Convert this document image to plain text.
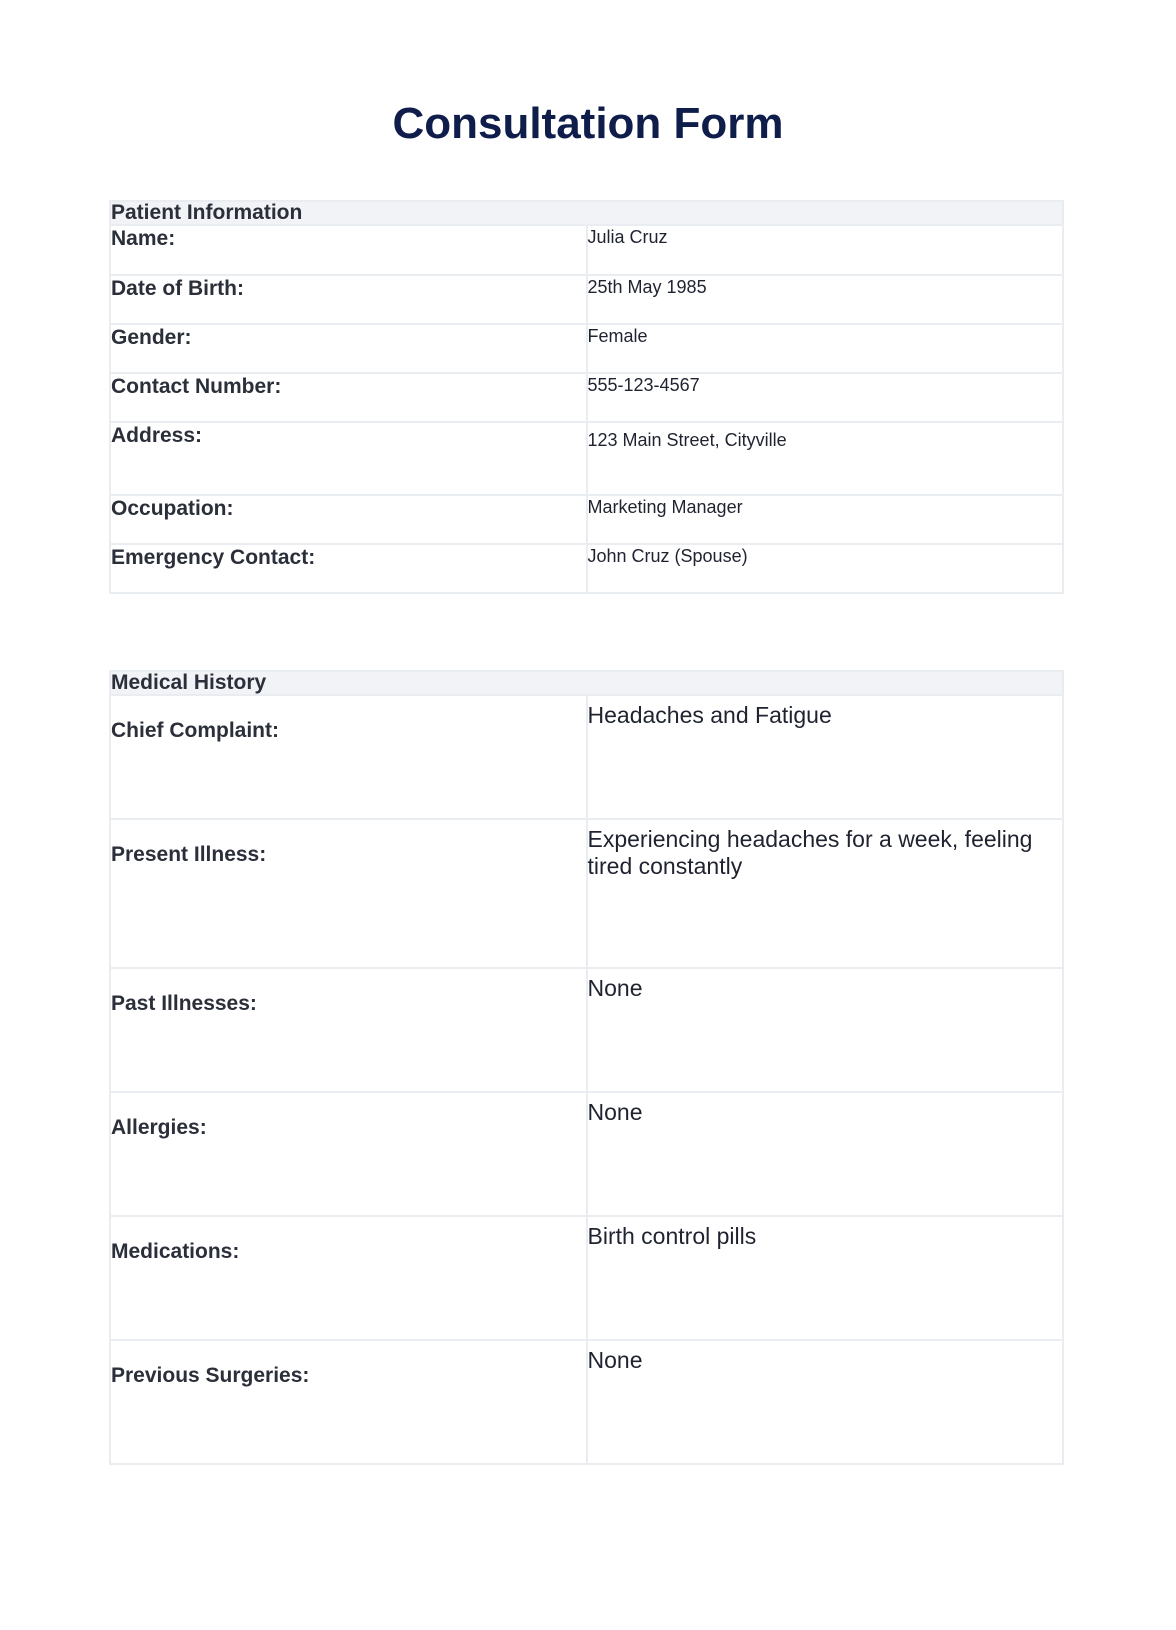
Consultation Form
Patient Information	
Name:	Julia Cruz
Date of Birth:	25th May 1985
Gender:	Female
Contact Number:	555-123-4567
Address:	123 Main Street, Cityville
Occupation:	Marketing Manager
Emergency Contact:	John Cruz (Spouse)
Medical History	
Chief Complaint:	Headaches and Fatigue
Present Illness:	Experiencing headaches for a week, feeling tired constantly
Past Illnesses:	None
Allergies:	None
Medications:	Birth control pills
Previous Surgeries:	None
